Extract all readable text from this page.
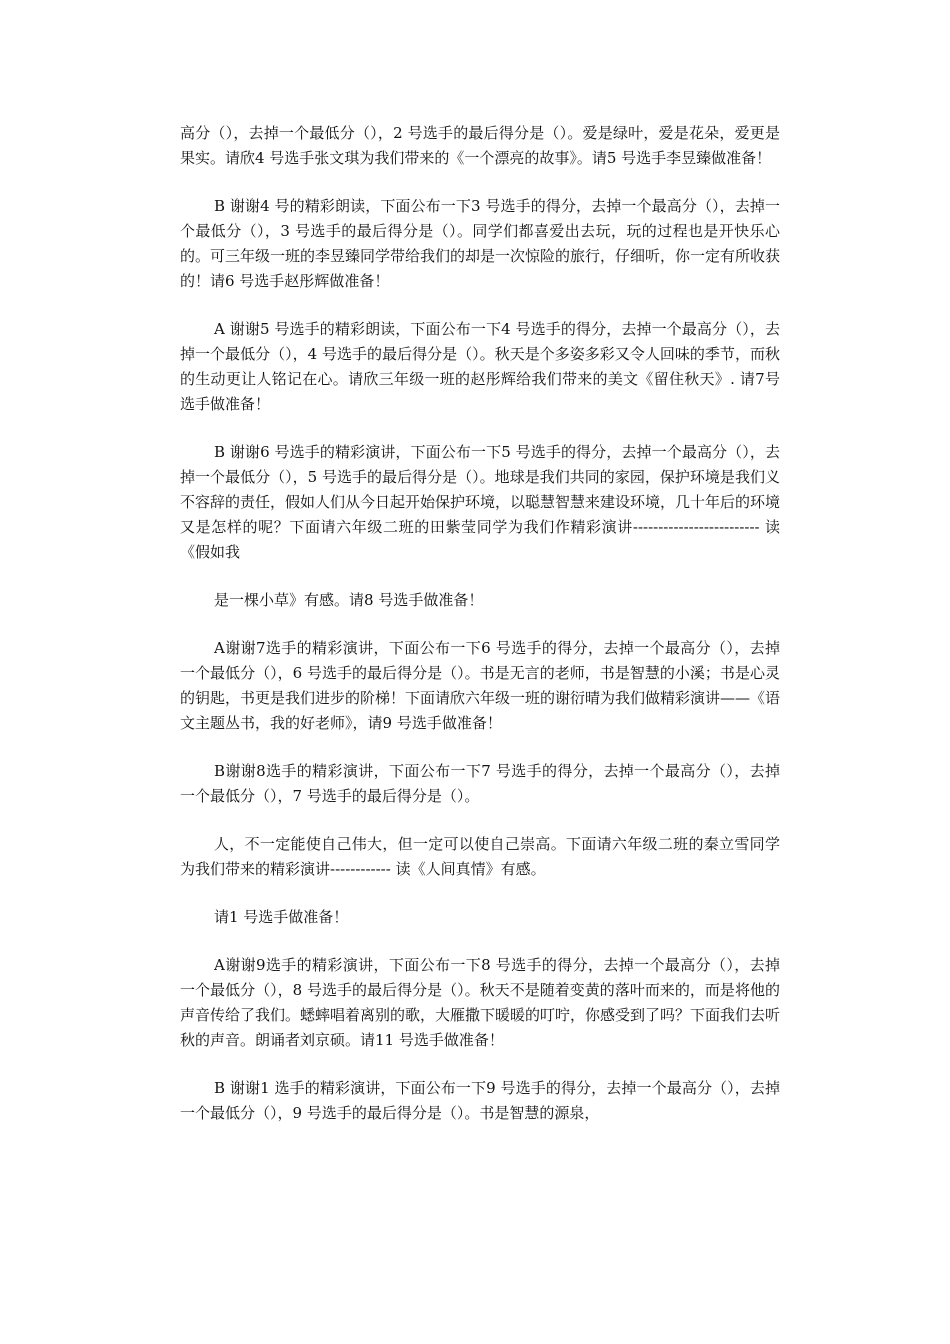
高分（），去掉一个最低分（），2 号选手的最后得分是（）。爱是绿叶，爱是花朵，爱更是果实。请欣4 号选手张文琪为我们带来的《一个漂亮的故事》。请5 号选手李昱臻做准备！

B 谢谢4 号的精彩朗读，下面公布一下3 号选手的得分，去掉一个最高分（），去掉一个最低分（），3 号选手的最后得分是（）。同学们都喜爱出去玩，玩的过程也是开快乐心的。可三年级一班的李昱臻同学带给我们的却是一次惊险的旅行，仔细听，你一定有所收获的！请6 号选手赵彤辉做准备！

A 谢谢5 号选手的精彩朗读，下面公布一下4 号选手的得分，去掉一个最高分（），去掉一个最低分（），4 号选手的最后得分是（）。秋天是个多姿多彩又令人回味的季节，而秋的生动更让人铭记在心。请欣三年级一班的赵彤辉给我们带来的美文《留住秋天》. 请7号选手做准备！

B 谢谢6 号选手的精彩演讲，下面公布一下5 号选手的得分，去掉一个最高分（），去掉一个最低分（），5 号选手的最后得分是（）。地球是我们共同的家园，保护环境是我们义不容辞的责任，假如人们从今日起开始保护环境，以聪慧智慧来建设环境，几十年后的环境又是怎样的呢？下面请六年级二班的田紫莹同学为我们作精彩演讲------------------------- 读《假如我

是一棵小草》有感。请8 号选手做准备！

A谢谢7选手的精彩演讲，下面公布一下6 号选手的得分，去掉一个最高分（），去掉一个最低分（），6 号选手的最后得分是（）。书是无言的老师，书是智慧的小溪；书是心灵的钥匙，书更是我们进步的阶梯！下面请欣六年级一班的谢衍晴为我们做精彩演讲——《语文主题丛书，我的好老师》，请9 号选手做准备！

B谢谢8选手的精彩演讲，下面公布一下7 号选手的得分，去掉一个最高分（），去掉一个最低分（），7 号选手的最后得分是（）。

人，不一定能使自己伟大，但一定可以使自己崇高。下面请六年级二班的秦立雪同学为我们带来的精彩演讲------------ 读《人间真情》有感。

请1 号选手做准备！

A谢谢9选手的精彩演讲，下面公布一下8 号选手的得分，去掉一个最高分（），去掉一个最低分（），8 号选手的最后得分是（）。秋天不是随着变黄的落叶而来的，而是将他的声音传给了我们。蟋蟀唱着离别的歌，大雁撒下暖暖的叮咛，你感受到了吗？下面我们去听秋的声音。朗诵者刘京硕。请11 号选手做准备！

B 谢谢1 选手的精彩演讲，下面公布一下9 号选手的得分，去掉一个最高分（），去掉一个最低分（），9 号选手的最后得分是（）。书是智慧的源泉，
